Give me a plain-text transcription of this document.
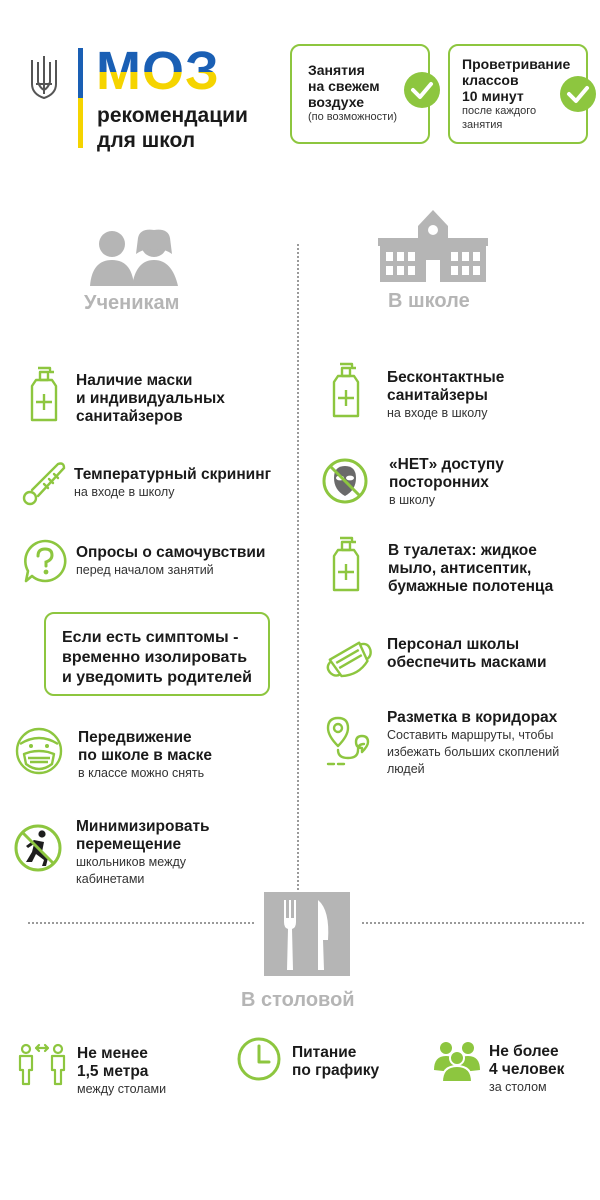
МОЗ
рекомендации
для школ
Занятия
на свежем
воздухе
(по возможности)
Проветривание
классов
10 минут
после каждого
занятия
Ученикам	В школе
Наличие маски
и индивидуальных
санитайзеров
Температурный скрининг
на входе в школу
Опросы о самочувствии
перед началом занятий
Если есть симптомы -
временно изолировать
и уведомить родителей
Передвижение
по школе в маске
в классе можно снять
Минимизировать
перемещение
школьников между
кабинетами
Бесконтактные
санитайзеры
на входе в школу
«НЕТ» доступу
посторонних
в школу
В туалетах: жидкое
мыло, антисептик,
бумажные полотенца
Персонал школы
обеспечить масками
Разметка в коридорах
Составить маршруты, чтобы
избежать больших скоплений
людей
В столовой
Не менее
1,5 метра
между столами
Питание
по графику
Не более
4 человек
за столом
